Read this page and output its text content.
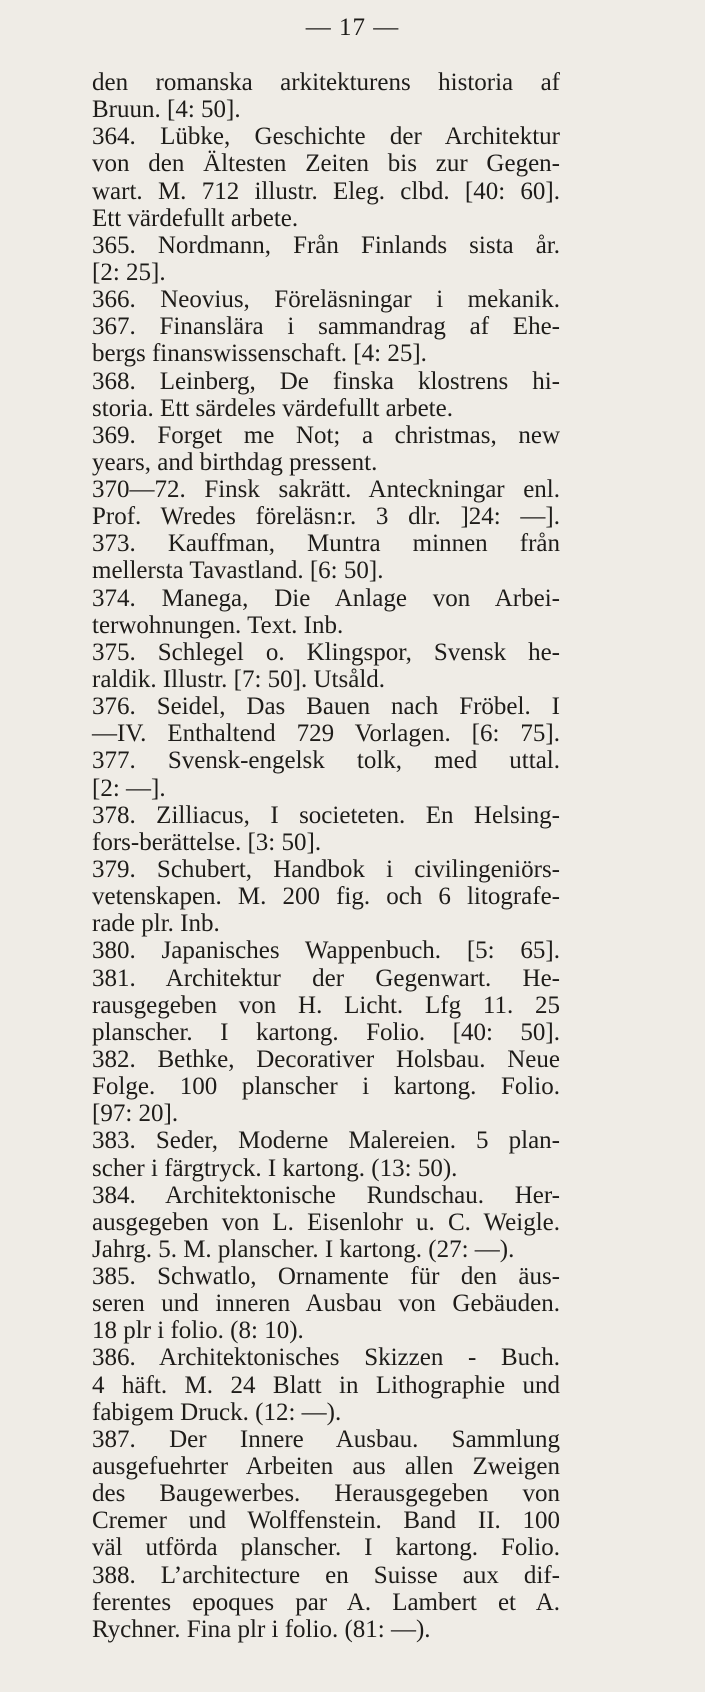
— 17 —
den romanska arkitekturens historia af
Bruun. [4: 50].
364. Lübke, Geschichte der Architektur
von den Ältesten Zeiten bis zur Gegen-
wart. M. 712 illustr. Eleg. clbd. [40: 60].
Ett värdefullt arbete.
365. Nordmann, Från Finlands sista år.
[2: 25].
366. Neovius, Föreläsningar i mekanik.
367. Finanslära i sammandrag af Ehe-
bergs finanswissenschaft. [4: 25].
368. Leinberg, De finska klostrens hi-
storia. Ett särdeles värdefullt arbete.
369. Forget me Not; a christmas, new
years, and birthdag pressent.
370—72. Finsk sakrätt. Anteckningar enl.
Prof. Wredes föreläsn:r. 3 dlr. ]24: —].
373. Kauffman, Muntra minnen från
mellersta Tavastland. [6: 50].
374. Manega, Die Anlage von Arbei-
terwohnungen. Text. Inb.
375. Schlegel o. Klingspor, Svensk he-
raldik. Illustr. [7: 50]. Utsåld.
376. Seidel, Das Bauen nach Fröbel. I
—IV. Enthaltend 729 Vorlagen. [6: 75].
377. Svensk-engelsk tolk, med uttal.
[2: —].
378. Zilliacus, I societeten. En Helsing-
fors-berättelse. [3: 50].
379. Schubert, Handbok i civilingeniörs-
vetenskapen. M. 200 fig. och 6 litografe-
rade plr. Inb.
380. Japanisches Wappenbuch. [5: 65].
381. Architektur der Gegenwart. He-
rausgegeben von H. Licht. Lfg 11. 25
planscher. I kartong. Folio. [40: 50].
382. Bethke, Decorativer Holsbau. Neue
Folge. 100 planscher i kartong. Folio.
[97: 20].
383. Seder, Moderne Malereien. 5 plan-
scher i färgtryck. I kartong. (13: 50).
384. Architektonische Rundschau. Her-
ausgegeben von L. Eisenlohr u. C. Weigle.
Jahrg. 5. M. planscher. I kartong. (27: —).
385. Schwatlo, Ornamente für den äus-
seren und inneren Ausbau von Gebäuden.
18 plr i folio. (8: 10).
386. Architektonisches Skizzen - Buch.
4 häft. M. 24 Blatt in Lithographie und
fabigem Druck. (12: —).
387. Der Innere Ausbau. Sammlung
ausgefuehrter Arbeiten aus allen Zweigen
des Baugewerbes. Herausgegeben von
Cremer und Wolffenstein. Band II. 100
väl utförda planscher. I kartong. Folio.
388. L’architecture en Suisse aux dif-
ferentes epoques par A. Lambert et A.
Rychner. Fina plr i folio. (81: —).
